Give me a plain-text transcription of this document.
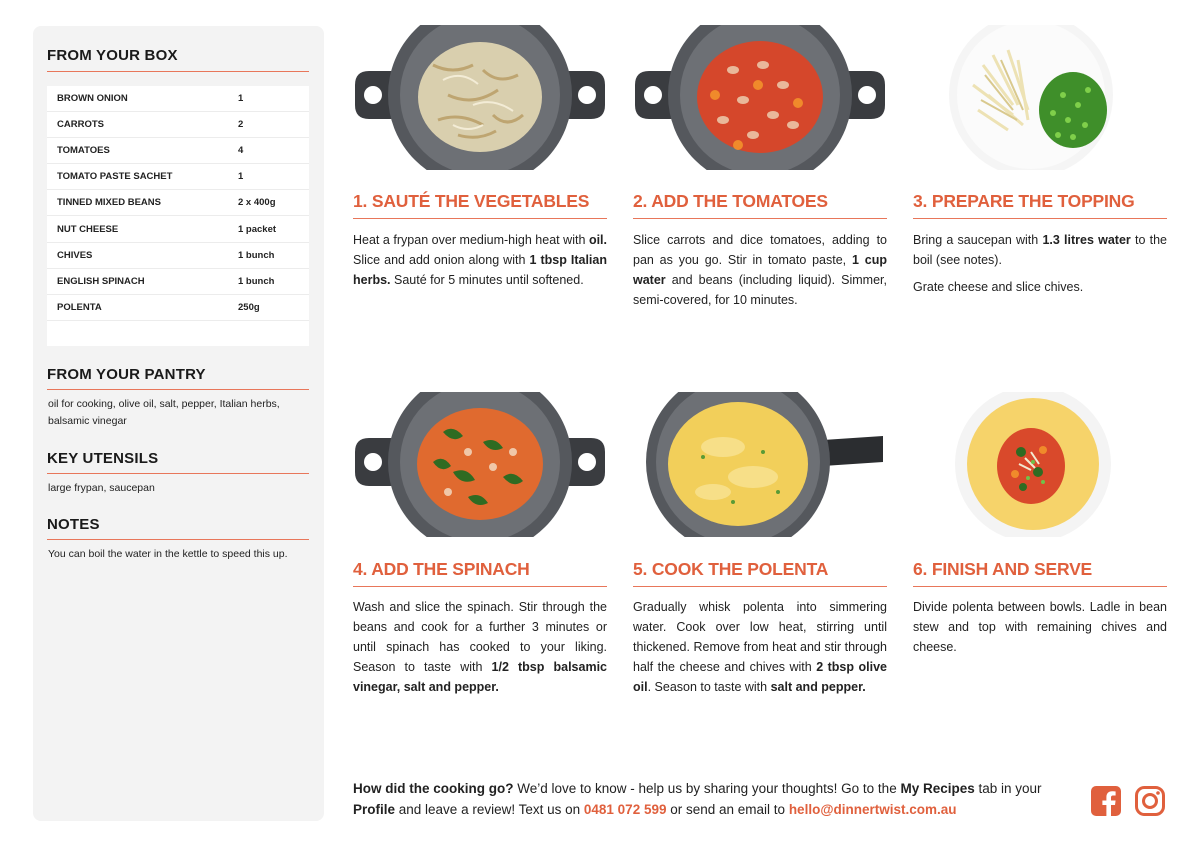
FROM YOUR BOX
BROWN ONION	1
CARROTS	2
TOMATOES	4
TOMATO PASTE SACHET	1
TINNED MIXED BEANS	2 x 400g
NUT CHEESE	1 packet
CHIVES	1 bunch
ENGLISH SPINACH	1 bunch
POLENTA	250g
FROM YOUR PANTRY
oil for cooking, olive oil, salt, pepper, Italian herbs, balsamic vinegar
KEY UTENSILS
large frypan, saucepan
NOTES
You can boil the water in the kettle to speed this up.
1. SAUTÉ THE VEGETABLES

Heat a frypan over medium-high heat with oil. Slice and add onion along with 1 tbsp Italian herbs. Sauté for 5 minutes until softened.

2. ADD THE TOMATOES

Slice carrots and dice tomatoes, adding to pan as you go. Stir in tomato paste, 1 cup water and beans (including liquid). Simmer, semi-covered, for 10 minutes.

3. PREPARE THE TOPPING

Bring a saucepan with 1.3 litres water to the boil (see notes).

Grate cheese and slice chives.

4. ADD THE SPINACH

Wash and slice the spinach. Stir through the beans and cook for a further 3 minutes or until spinach has cooked to your liking. Season to taste with 1/2 tbsp balsamic vinegar, salt and pepper.

5. COOK THE POLENTA

Gradually whisk polenta into simmering water. Cook over low heat, stirring until thickened. Remove from heat and stir through half the cheese and chives with 2 tbsp olive oil. Season to taste with salt and pepper.

6. FINISH AND SERVE

Divide polenta between bowls. Ladle in bean stew and top with remaining chives and cheese.

How did the cooking go? We’d love to know - help us by sharing your thoughts! Go to the My Recipes tab in your Profile and leave a review! Text us on 0481 072 599 or send an email to hello@dinnertwist.com.au
